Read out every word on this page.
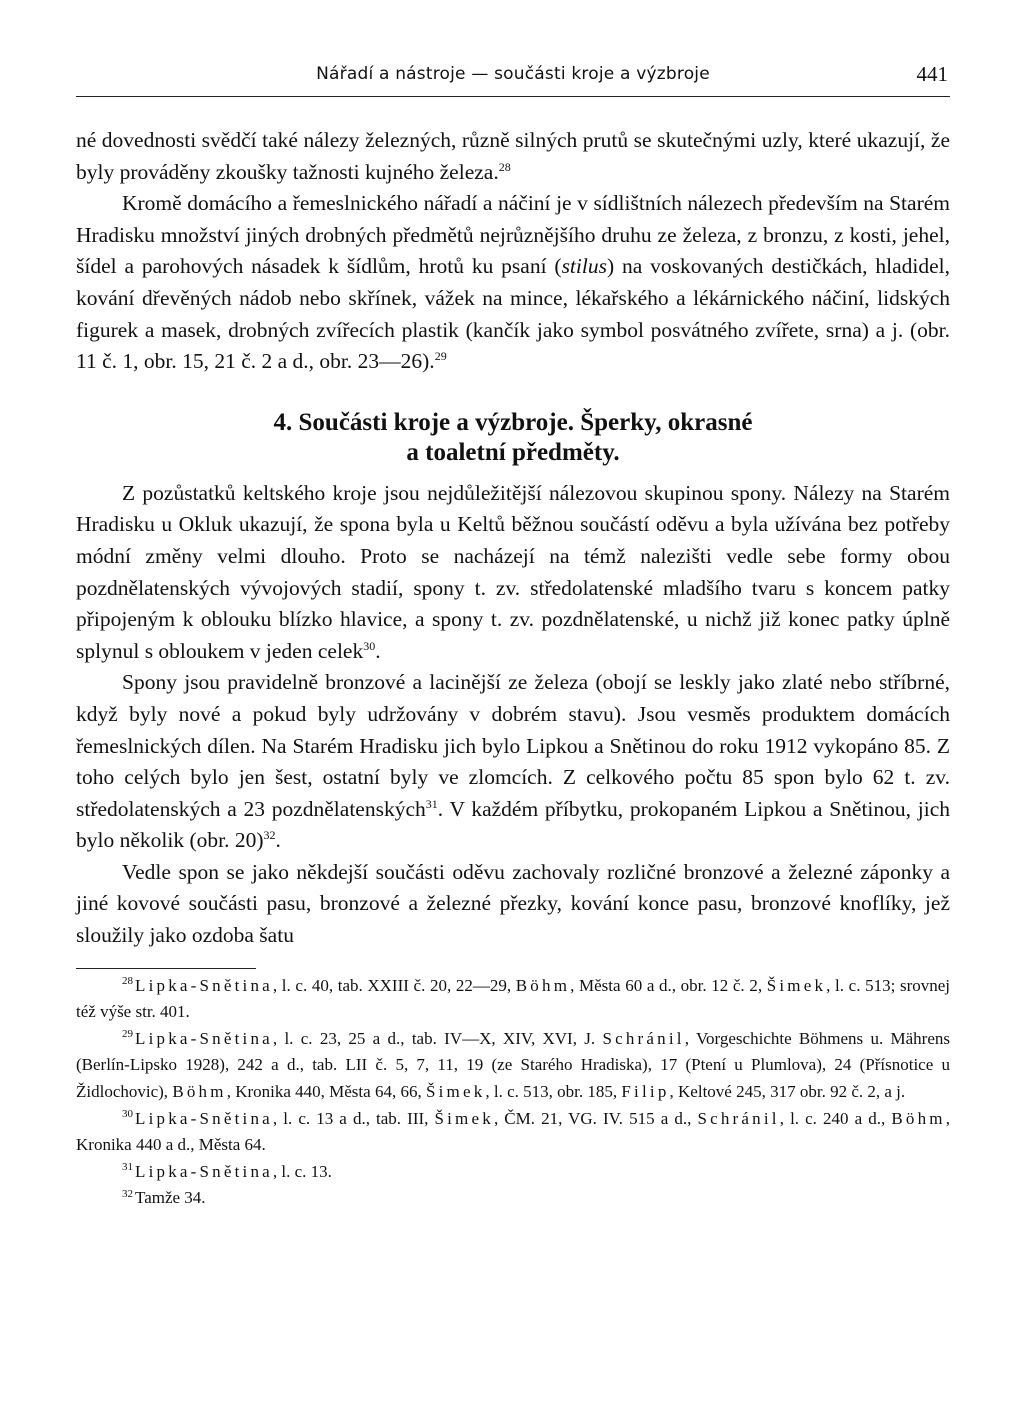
Nářadí a nástroje — součásti kroje a výzbroje	441

né dovednosti svědčí také nálezy železných, různě silných prutů se skutečnými uzly, které ukazují, že byly prováděny zkoušky tažnosti kujného železa.$^{28}$

Kromě domácího a řemeslnického nářadí a náčiní je v sídlištních nálezech především na Starém Hradisku množství jiných drobných předmětů nejrůznějšího druhu ze železa, z bronzu, z kosti, jehel, šídel a parohových násadek k šídlům, hrotů ku psaní (stilus) na voskovaných destičkách, hladidel, kování dřevěných nádob nebo skřínek, vážek na mince, lékařského a lékárnického náčiní, lidských figurek a masek, drobných zvířecích plastik (kančík jako symbol posvátného zvířete, srna) a j. (obr. 11 č. 1, obr. 15, 21 č. 2 a d., obr. 23—26).$^{29}$

4. Součásti kroje a výzbroje. Šperky, okrasné
a toaletní předměty.

Z pozůstatků keltského kroje jsou nejdůležitější nálezovou skupinou spony. Nálezy na Starém Hradisku u Okluk ukazují, že spona byla u Keltů běžnou součástí oděvu a byla užívána bez potřeby módní změny velmi dlouho. Proto se nacházejí na témž nalezišti vedle sebe formy obou pozdnělatenských vývojových stadií, spony t. zv. středolatenské mladšího tvaru s koncem patky připojeným k oblouku blízko hlavice, a spony t. zv. pozdnělatenské, u nichž již konec patky úplně splynul s obloukem v jeden celek$^{30}$.

Spony jsou pravidelně bronzové a lacinější ze železa (obojí se leskly jako zlaté nebo stříbrné, když byly nové a pokud byly udržovány v dobrém stavu). Jsou vesměs produktem domácích řemeslnických dílen. Na Starém Hradisku jich bylo Lipkou a Snětinou do roku 1912 vykopáno 85. Z toho celých bylo jen šest, ostatní byly ve zlomcích. Z celkového počtu 85 spon bylo 62 t. zv. středolatenských a 23 pozdnělatenských$^{31}$. V každém příbytku, prokopaném Lipkou a Snětinou, jich bylo několik (obr. 20)$^{32}$.

Vedle spon se jako někdejší součásti oděvu zachovaly rozličné bronzové a železné záponky a jiné kovové součásti pasu, bronzové a železné přezky, kování konce pasu, bronzové knoflíky, jež sloužily jako ozdoba šatu

$^{28}$ Lipka-Snětina, l. c. 40, tab. XXIII č. 20, 22—29, Böhm, Města 60 a d., obr. 12 č. 2, Šimek, l. c. 513; srovnej též výše str. 401.

$^{29}$ Lipka-Snětina, l. c. 23, 25 a d., tab. IV—X, XIV, XVI, J. Schránil, Vorgeschichte Böhmens u. Mährens (Berlín-Lipsko 1928), 242 a d., tab. LII č. 5, 7, 11, 19 (ze Starého Hradiska), 17 (Ptení u Plumlova), 24 (Přísnotice u Židlochovic), Böhm, Kronika 440, Města 64, 66, Šimek, l. c. 513, obr. 185, Filip, Keltové 245, 317 obr. 92 č. 2, a j.

$^{30}$ Lipka-Snětina, l. c. 13 a d., tab. III, Šimek, ČM. 21, VG. IV. 515 a d., Schránil, l. c. 240 a d., Böhm, Kronika 440 a d., Města 64.

$^{31}$ Lipka-Snětina, l. c. 13.

$^{32}$ Tamže 34.
